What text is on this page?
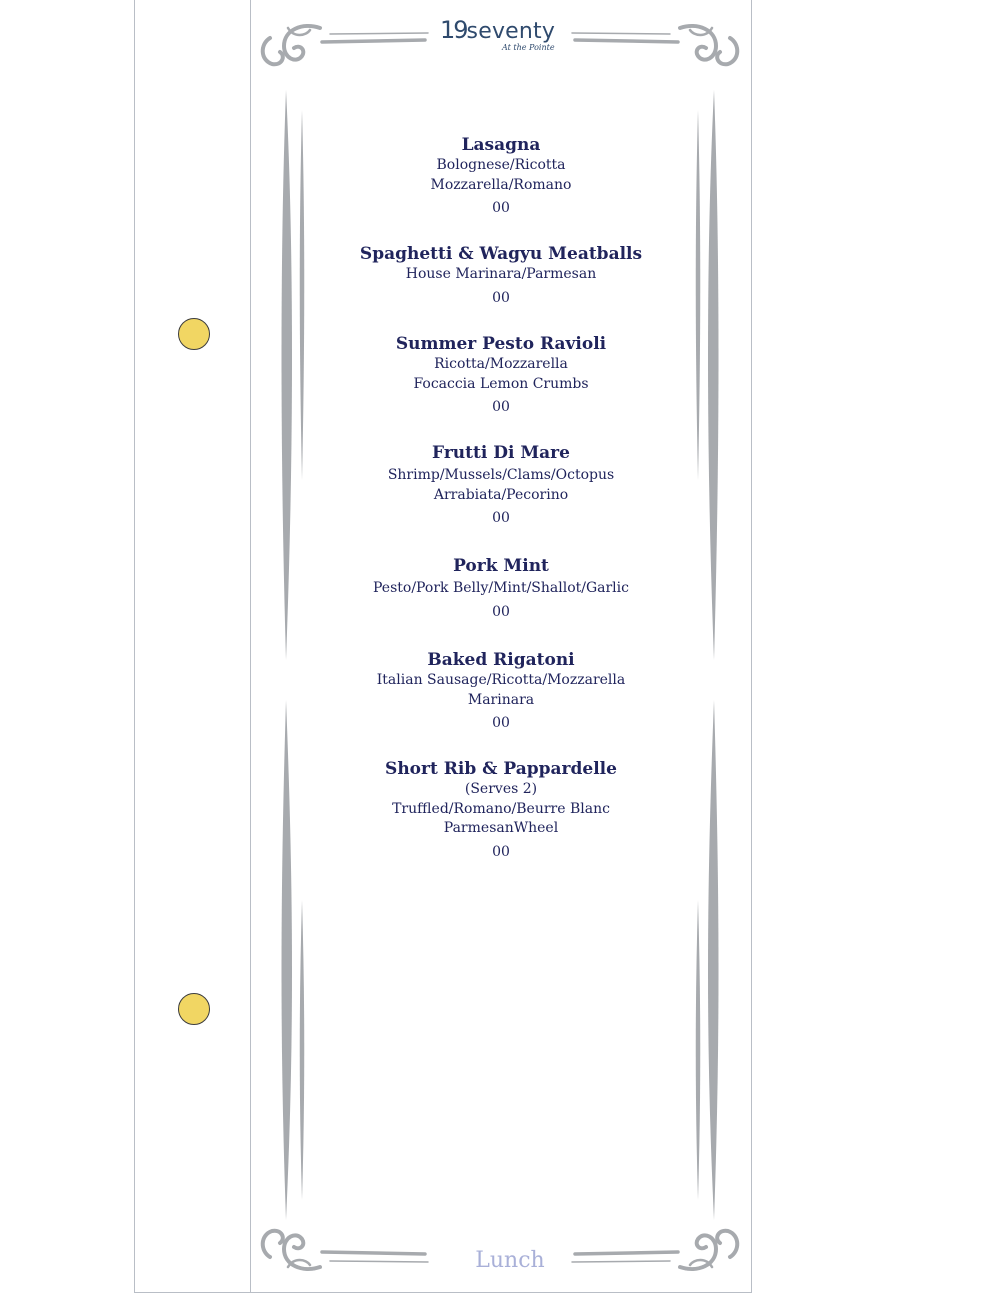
19seventy
At the Pointe
Lasagna
Bolognese/Ricotta
Mozzarella/Romano
00
Spaghetti & Wagyu Meatballs
House Marinara/Parmesan
00
Summer Pesto Ravioli
Ricotta/Mozzarella
Focaccia Lemon Crumbs
00
Frutti Di Mare
Shrimp/Mussels/Clams/Octopus
Arrabiata/Pecorino
00
Pork Mint
Pesto/Pork Belly/Mint/Shallot/Garlic
00
Baked Rigatoni
Italian Sausage/Ricotta/Mozzarella
Marinara
00
Short Rib & Pappardelle
(Serves 2)
Truffled/Romano/Beurre Blanc
ParmesanWheel
00
Lunch
